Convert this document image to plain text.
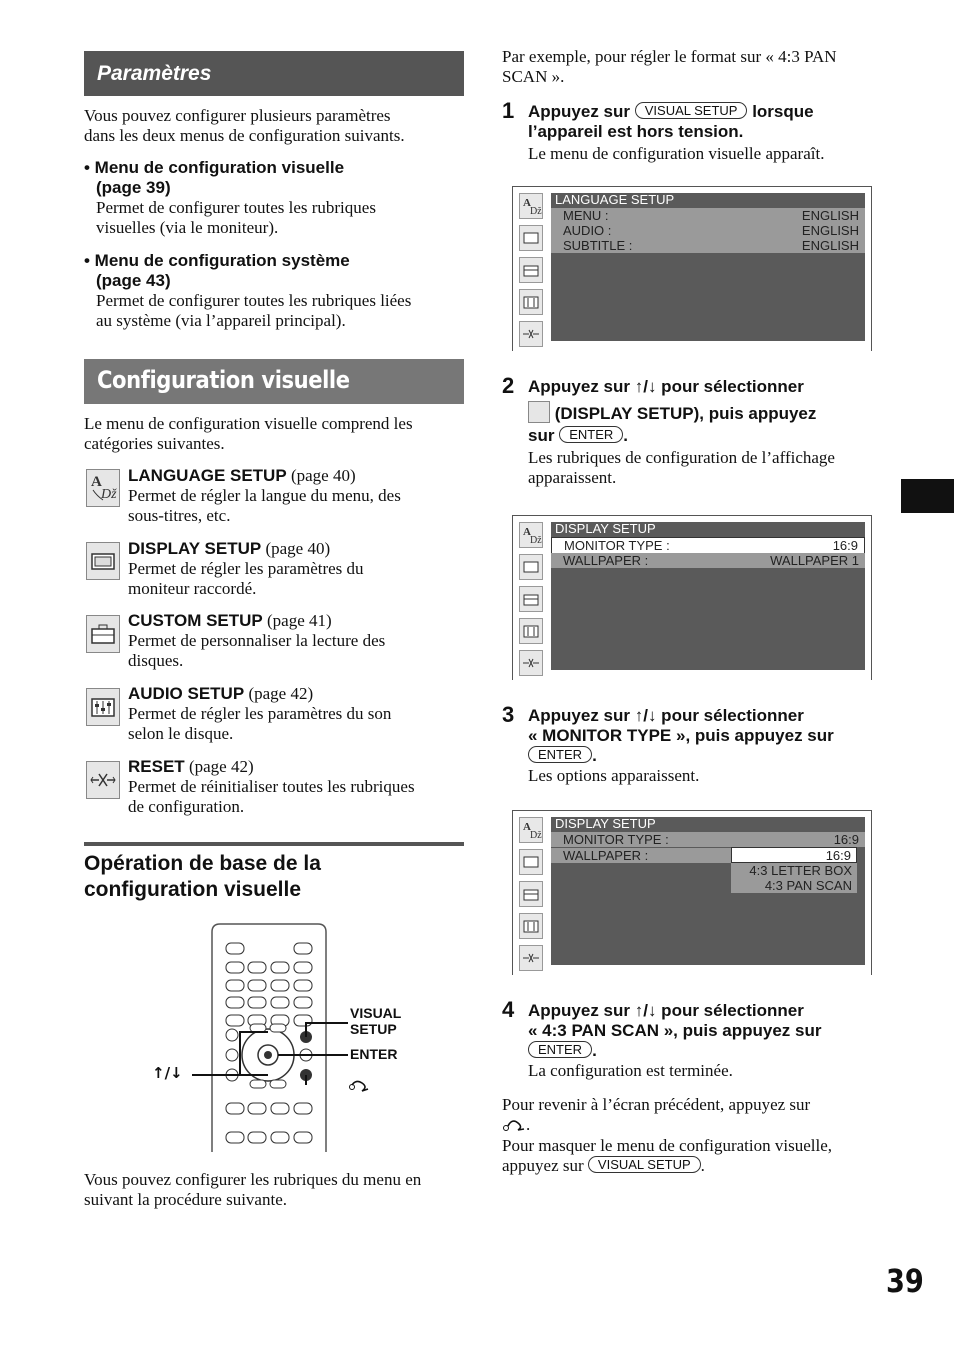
Paramètres
Vous pouvez configurer plusieurs paramètres
dans les deux menus de configuration suivants.
• Menu de configuration visuelle
(page 39)
Permet de configurer toutes les rubriques
visuelles (via le moniteur).
• Menu de configuration système
(page 43)
Permet de configurer toutes les rubriques liées
au système (via l’appareil principal).
Configuration visuelle
Le menu de configuration visuelle comprend les
catégories suivantes.
A
ǅ
LANGUAGE SETUP (page 40)
Permet de régler la langue du menu, des
sous-titres, etc.
DISPLAY SETUP (page 40)
Permet de régler les paramètres du
moniteur raccordé.
CUSTOM SETUP (page 41)
Permet de personnaliser la lecture des
disques.
AUDIO SETUP (page 42)
Permet de régler les paramètres du son
selon le disque.
RESET (page 42)
Permet de réinitialiser toutes les rubriques
de configuration.
Opération de base de la
configuration visuelle
VISUAL
SETUP
ENTER
↑/↓
Vous pouvez configurer les rubriques du menu en
suivant la procédure suivante.
Par exemple, pour régler le format sur « 4:3 PAN
SCAN ».
1 Appuyez sur VISUAL SETUP lorsque
l’appareil est hors tension.
Le menu de configuration visuelle apparaît.
A
ǅ
LANGUAGE SETUP
MENU :	ENGLISH
AUDIO :	ENGLISH
SUBTITLE :	ENGLISH
2 Appuyez sur ↑/↓ pour sélectionner
(DISPLAY SETUP), puis appuyez
sur ENTER .
Les rubriques de configuration de l’affichage
apparaissent.
A
ǅ
DISPLAY SETUP
MONITOR TYPE :	16:9
WALLPAPER :	WALLPAPER 1
3 Appuyez sur ↑/↓ pour sélectionner
« MONITOR TYPE », puis appuyez sur
ENTER .
Les options apparaissent.
A
ǅ
DISPLAY SETUP
MONITOR TYPE :	16:9
WALLPAPER :	16:9
4:3 LETTER BOX
4:3 PAN SCAN
4 Appuyez sur ↑/↓ pour sélectionner
« 4:3 PAN SCAN », puis appuyez sur
ENTER .
La configuration est terminée.
Pour revenir à l’écran précédent, appuyez sur
.
Pour masquer le menu de configuration visuelle,
appuyez sur VISUAL SETUP .
39
